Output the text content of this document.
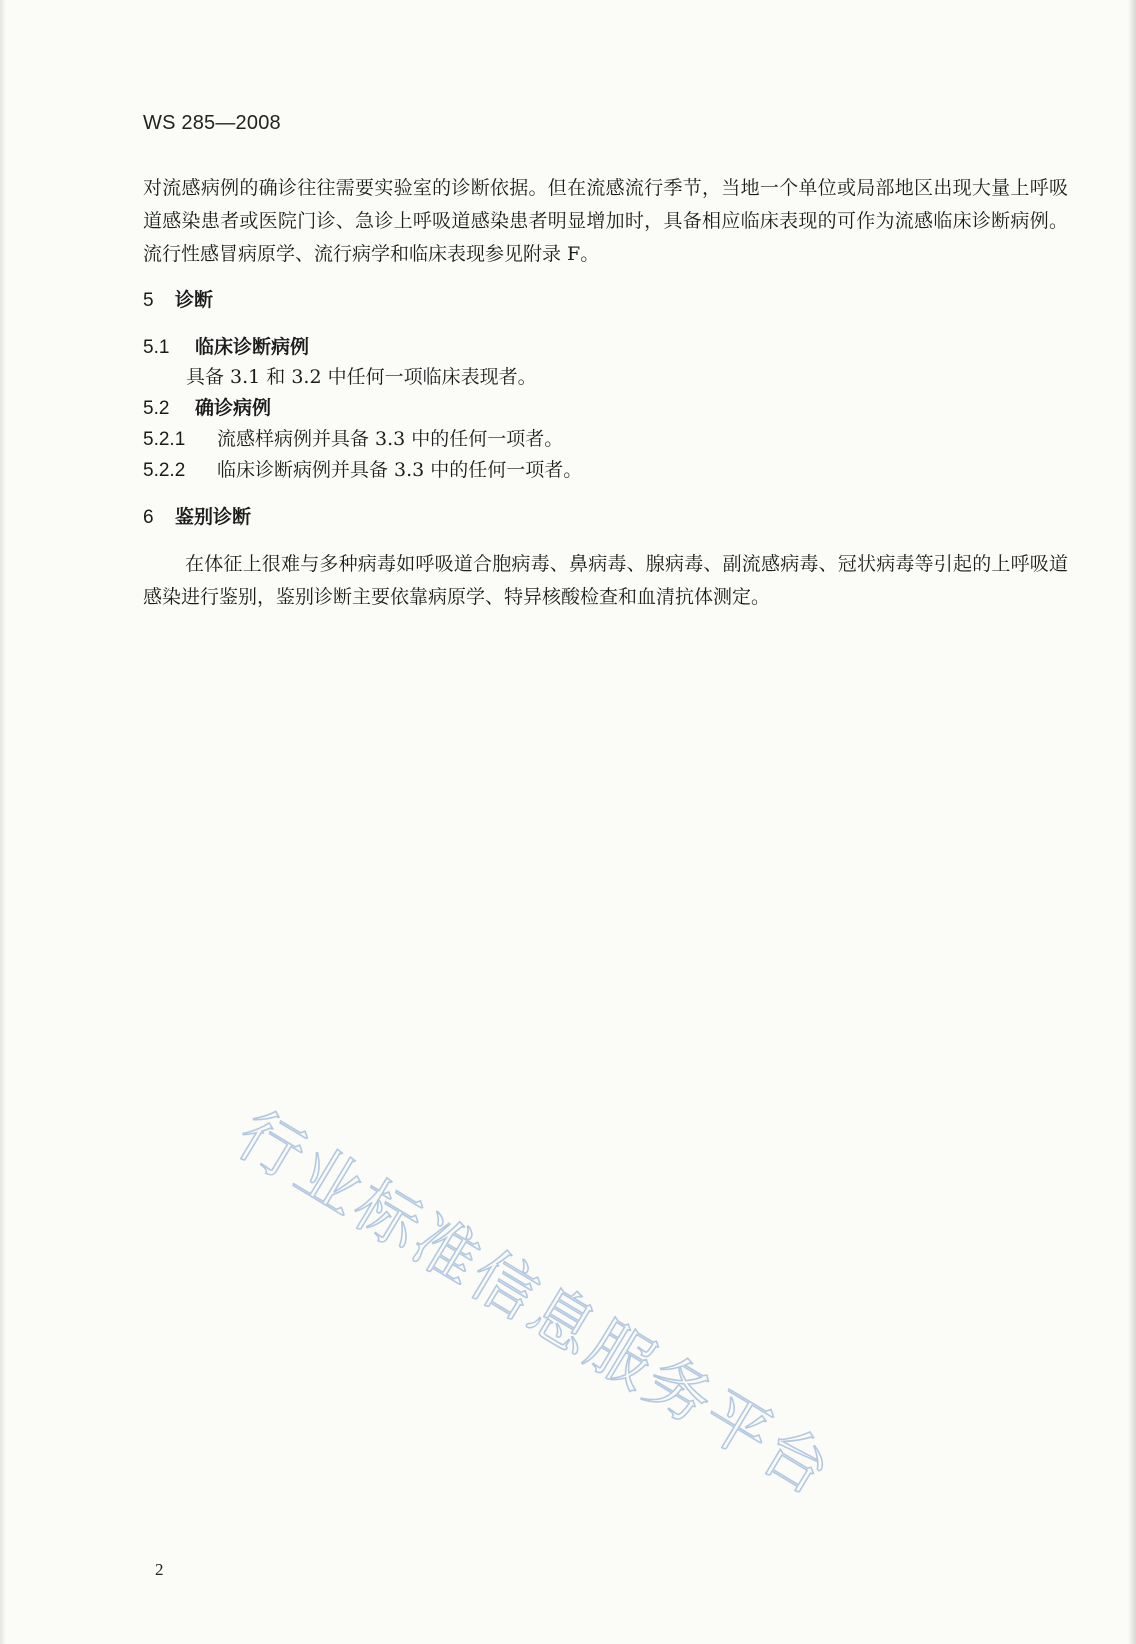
WS 285—2008
对流感病例的确诊往往需要实验室的诊断依据。但在流感流行季节，当地一个单位或局部地区出现大量上呼吸道感染患者或医院门诊、急诊上呼吸道感染患者明显增加时，具备相应临床表现的可作为流感临床诊断病例。流行性感冒病原学、流行病学和临床表现参见附录 F。
5 诊断
5.1 临床诊断病例
具备 3.1 和 3.2 中任何一项临床表现者。
5.2 确诊病例
5.2.1 流感样病例并具备 3.3 中的任何一项者。
5.2.2 临床诊断病例并具备 3.3 中的任何一项者。
6 鉴别诊断
在体征上很难与多种病毒如呼吸道合胞病毒、鼻病毒、腺病毒、副流感病毒、冠状病毒等引起的上呼吸道感染进行鉴别，鉴别诊断主要依靠病原学、特异核酸检查和血清抗体测定。
行业标准信息服务平台
2
